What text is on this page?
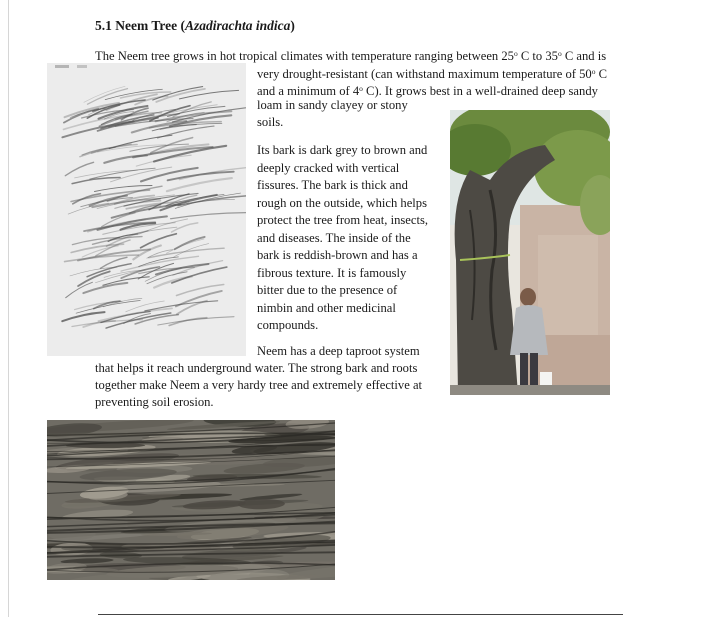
5.1 Neem Tree (Azadirachta indica)
The Neem tree grows in hot tropical climates with temperature ranging between 25$^o$ C to 35$^o$ C and is
very drought-resistant (can withstand maximum temperature of 50$^o$ C
and a minimum of 4$^o$ C). It grows best in a well-drained deep sandy
loam in sandy clayey or stony
soils.
Its bark is dark grey to brown and
deeply cracked with vertical
fissures. The bark is thick and
rough on the outside, which helps
protect the tree from heat, insects,
and diseases. The inside of the
bark is reddish-brown and has a
fibrous texture. It is famously
bitter due to the presence of
nimbin and other medicinal
compounds.
Neem has a deep taproot system
that helps it reach underground water. The strong bark and roots
together make Neem a very hardy tree and extremely effective at
preventing soil erosion.
